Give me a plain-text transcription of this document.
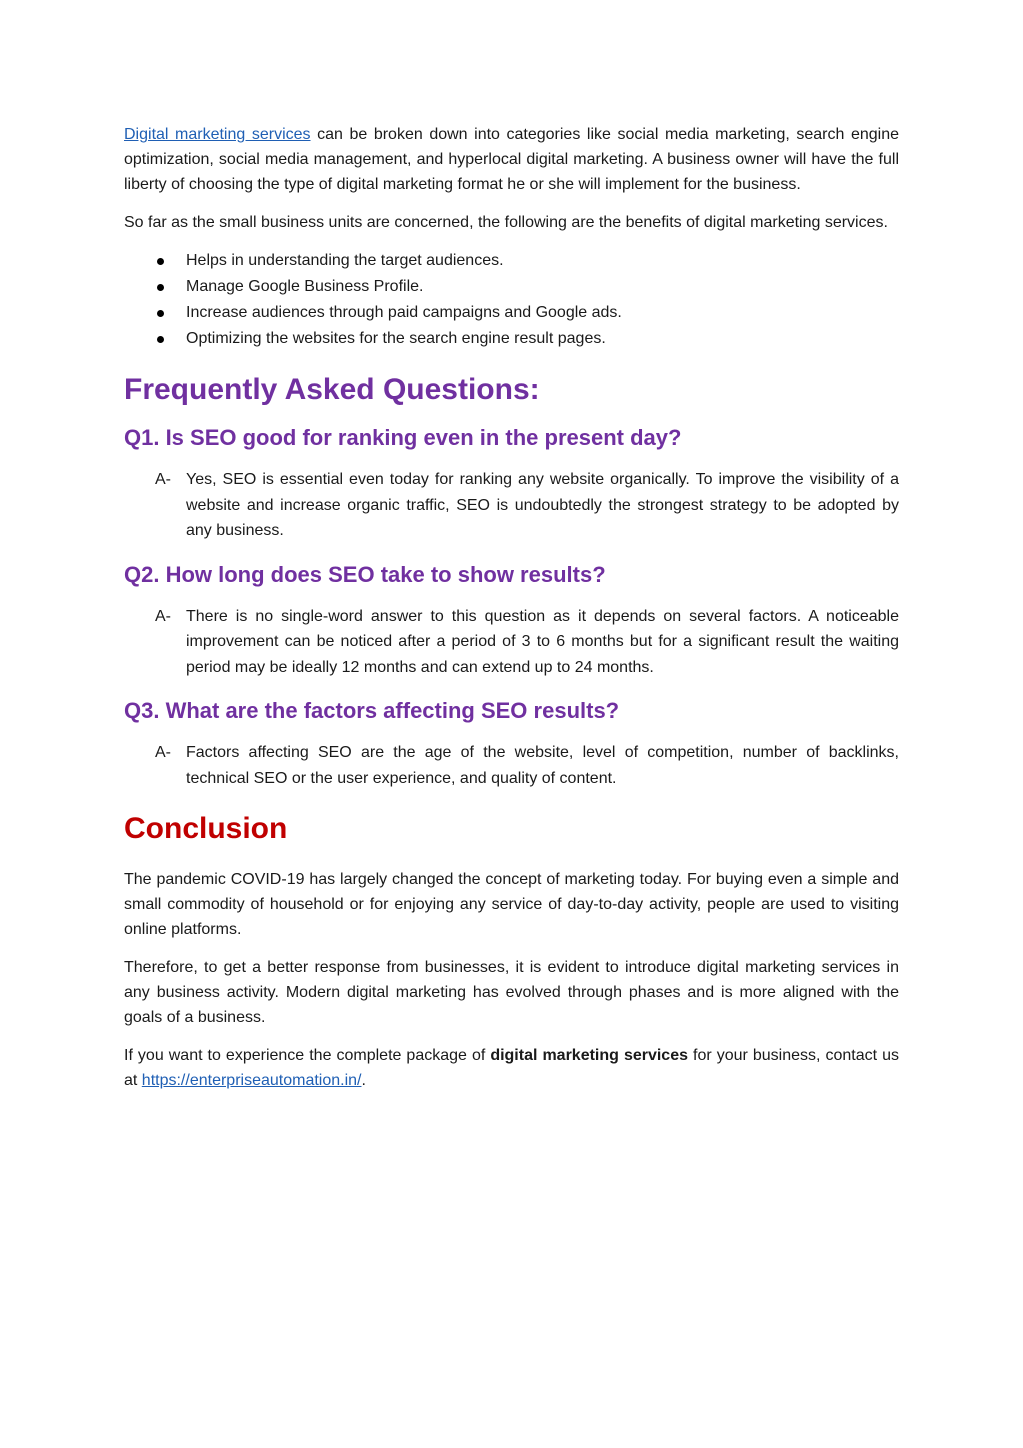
Digital marketing services can be broken down into categories like social media marketing, search engine optimization, social media management, and hyperlocal digital marketing. A business owner will have the full liberty of choosing the type of digital marketing format he or she will implement for the business.

So far as the small business units are concerned, the following are the benefits of digital marketing services.

Helps in understanding the target audiences.
Manage Google Business Profile.
Increase audiences through paid campaigns and Google ads.
Optimizing the websites for the search engine result pages.
Frequently Asked Questions:
Q1. Is SEO good for ranking even in the present day?

A- Yes, SEO is essential even today for ranking any website organically. To improve the visibility of a website and increase organic traffic, SEO is undoubtedly the strongest strategy to be adopted by any business.

Q2. How long does SEO take to show results?

A- There is no single-word answer to this question as it depends on several factors. A noticeable improvement can be noticed after a period of 3 to 6 months but for a significant result the waiting period may be ideally 12 months and can extend up to 24 months.

Q3. What are the factors affecting SEO results?

A- Factors affecting SEO are the age of the website, level of competition, number of backlinks, technical SEO or the user experience, and quality of content.

Conclusion

The pandemic COVID-19 has largely changed the concept of marketing today. For buying even a simple and small commodity of household or for enjoying any service of day-to-day activity, people are used to visiting online platforms.

Therefore, to get a better response from businesses, it is evident to introduce digital marketing services in any business activity. Modern digital marketing has evolved through phases and is more aligned with the goals of a business.

If you want to experience the complete package of digital marketing services for your business, contact us at https://enterpriseautomation.in/.
